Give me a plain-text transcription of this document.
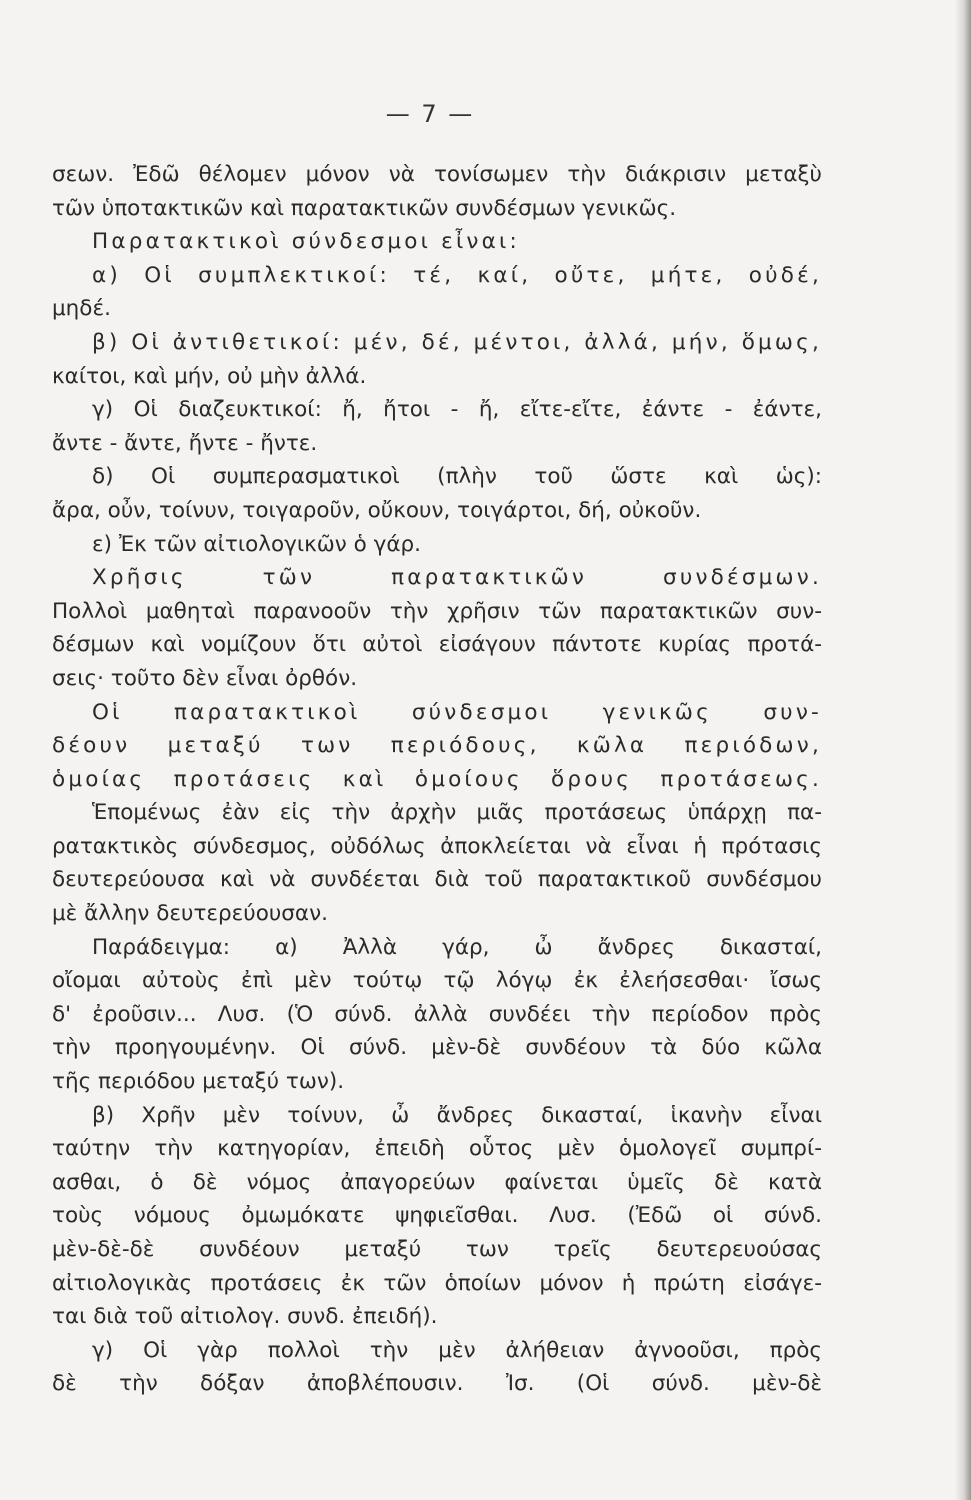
— 7 —
σεων. Ἐδῶ θέλομεν μόνον νὰ τονίσωμεν τὴν διάκρισιν μεταξὺ
τῶν ὑποτακτικῶν καὶ παρατακτικῶν συνδέσμων γενικῶς.
Παρατακτικοὶ σύνδεσμοι εἶναι:
α) Οἱ συμπλεκτικοί: τέ, καί, οὔτε, μήτε, οὐδέ,
μηδέ.
β) Οἱ ἀντιθετικοί: μέν, δέ, μέντοι, ἀλλά, μήν, ὅμως,
καίτοι, καὶ μήν, οὐ μὴν ἀλλά.
γ) Οἱ διαζευκτικοί: ἤ, ἤτοι - ἤ, εἴτε-εἴτε, ἐάντε - ἐάντε,
ἄντε - ἄντε, ἤντε - ἤντε.
δ) Οἱ συμπερασματικοὶ (πλὴν τοῦ ὥστε καὶ ὡς):
ἄρα, οὖν, τοίνυν, τοιγαροῦν, οὔκουν, τοιγάρτοι, δή, οὐκοῦν.
ε) Ἐκ τῶν αἰτιολογικῶν ὁ γάρ.
Χρῆσις τῶν παρατακτικῶν συνδέσμων.
Πολλοὶ μαθηταὶ παρανοοῦν τὴν χρῆσιν τῶν παρατακτικῶν συν-
δέσμων καὶ νομίζουν ὅτι αὐτοὶ εἰσάγουν πάντοτε κυρίας προτά-
σεις· τοῦτο δὲν εἶναι ὀρθόν.
Οἱ παρατακτικοὶ σύνδεσμοι γενικῶς συν-
δέουν μεταξύ των περιόδους, κῶλα περιόδων,
ὁμοίας προτάσεις καὶ ὁμοίους ὅρους προτάσεως.
Ἑπομένως ἐὰν εἰς τὴν ἀρχὴν μιᾶς προτάσεως ὑπάρχῃ πα-
ρατακτικὸς σύνδεσμος, οὐδόλως ἀποκλείεται νὰ εἶναι ἡ πρότασις
δευτερεύουσα καὶ νὰ συνδέεται διὰ τοῦ παρατακτικοῦ συνδέσμου
μὲ ἄλλην δευτερεύουσαν.
Παράδειγμα: α) Ἀλλὰ γάρ, ὦ ἄνδρες δικασταί,
οἴομαι αὐτοὺς ἐπὶ μὲν τούτῳ τῷ λόγῳ ἐκ ἐλεήσεσθαι· ἴσως
δ' ἐροῦσιν... Λυσ. (Ὁ σύνδ. ἀλλὰ συνδέει τὴν περίοδον πρὸς
τὴν προηγουμένην. Οἱ σύνδ. μὲν-δὲ συνδέουν τὰ δύο κῶλα
τῆς περιόδου μεταξύ των).
β) Χρῆν μὲν τοίνυν, ὦ ἄνδρες δικασταί, ἱκανὴν εἶναι
ταύτην τὴν κατηγορίαν, ἐπειδὴ οὗτος μὲν ὁμολογεῖ συμπρί-
ασθαι, ὁ δὲ νόμος ἀπαγορεύων φαίνεται ὑμεῖς δὲ κατὰ
τοὺς νόμους ὀμωμόκατε ψηφιεῖσθαι. Λυσ. (Ἐδῶ οἱ σύνδ.
μὲν-δὲ-δὲ συνδέουν μεταξύ των τρεῖς δευτερευούσας
αἰτιολογικὰς προτάσεις ἐκ τῶν ὁποίων μόνον ἡ πρώτη εἰσάγε-
ται διὰ τοῦ αἰτιολογ. συνδ. ἐπειδή).
γ) Οἱ γὰρ πολλοὶ τὴν μὲν ἀλήθειαν ἀγνοοῦσι, πρὸς
δὲ τὴν δόξαν ἀποβλέπουσιν. Ἰσ. (Οἱ σύνδ. μὲν-δὲ
